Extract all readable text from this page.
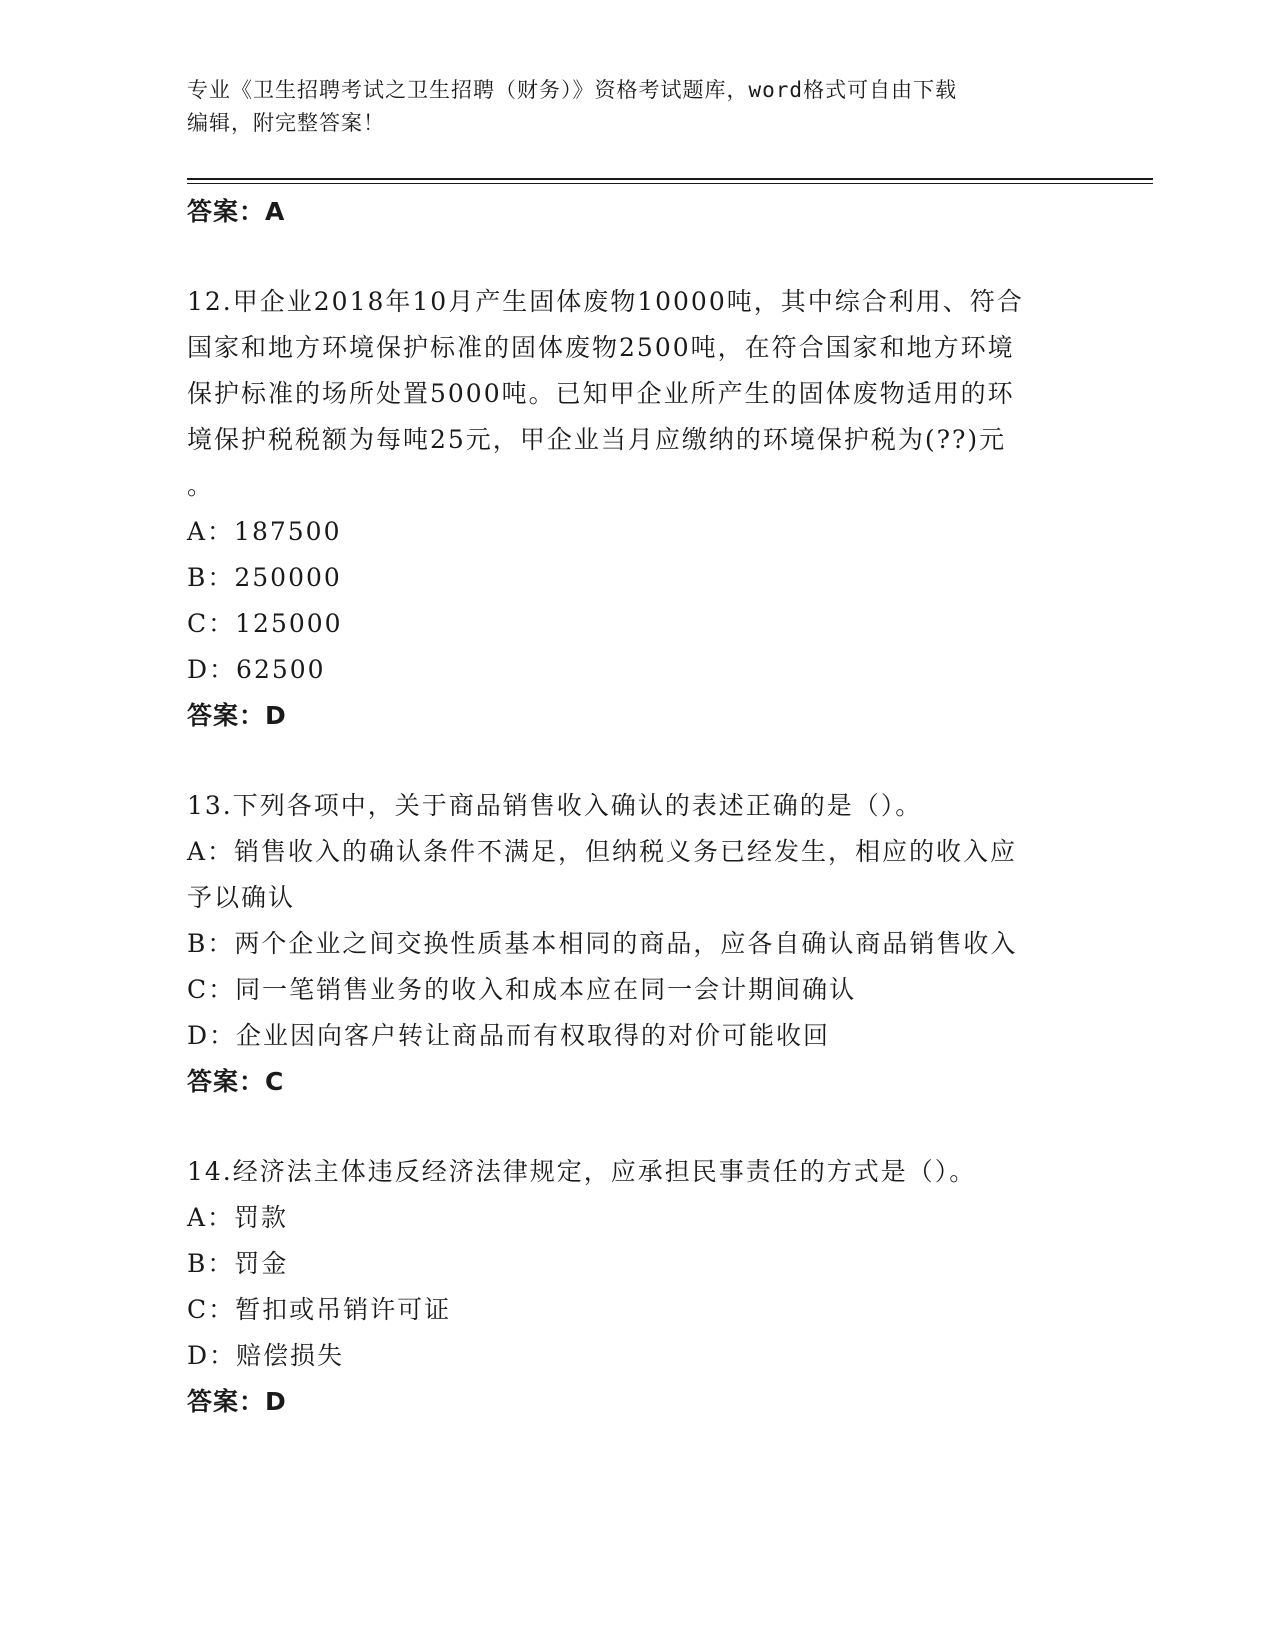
专业《卫生招聘考试之卫生招聘（财务）》资格考试题库，word格式可自由下载
编辑，附完整答案！
答案：A
12.甲企业2018年10月产生固体废物10000吨，其中综合利用、符合
国家和地方环境保护标准的固体废物2500吨，在符合国家和地方环境
保护标准的场所处置5000吨。已知甲企业所产生的固体废物适用的环
境保护税税额为每吨25元，甲企业当月应缴纳的环境保护税为(??)元
。
A：187500
B：250000
C：125000
D：62500
答案：D
13.下列各项中，关于商品销售收入确认的表述正确的是（）。
A：销售收入的确认条件不满足，但纳税义务已经发生，相应的收入应
予以确认
B：两个企业之间交换性质基本相同的商品，应各自确认商品销售收入
C：同一笔销售业务的收入和成本应在同一会计期间确认
D：企业因向客户转让商品而有权取得的对价可能收回
答案：C
14.经济法主体违反经济法律规定，应承担民事责任的方式是（）。
A：罚款
B：罚金
C：暂扣或吊销许可证
D：赔偿损失
答案：D
